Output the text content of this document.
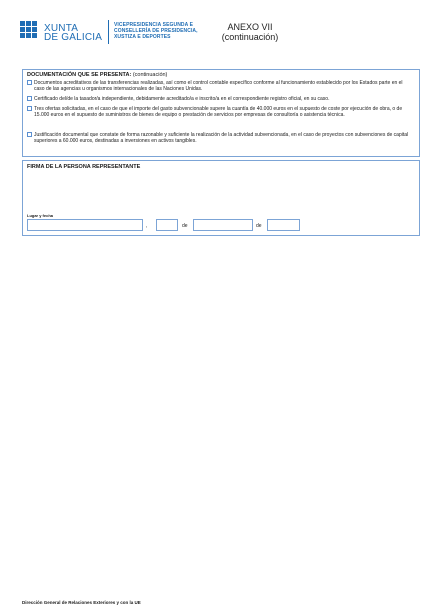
XUNTA
DE GALICIA
VICEPRESIDENCIA SEGUNDA E
CONSELLERÍA DE PRESIDENCIA,
XUSTIZA E DEPORTES
ANEXO VII
(continuación)
DOCUMENTACIÓN QUE SE PRESENTA: (continuación)
Documentos acreditativos de las transferencias realizadas, así como el control contable específico conforme al funcionamiento establecido por los Estados parte en el caso de las agencias u organismos internacionales de las Naciones Unidas.
Certificado del/de la tasador/a independiente, debidamente acreditado/a e inscrito/a en el correspondiente registro oficial, en su caso.
Tres ofertas solicitadas, en el caso de que el importe del gasto subvencionable supere la cuantía de 40.000 euros en el supuesto de coste por ejecución de obra, o de 15.000 euros en el supuesto de suministros de bienes de equipo o prestación de servicios por empresas de consultoría o asistencia técnica.
Justificación documental que constate de forma razonable y suficiente la realización de la actividad subvencionada, en el caso de proyectos con subvenciones de capital superiores a 60.000 euros, destinadas a inversiones en activos tangibles.
FIRMA DE LA PERSONA REPRESENTANTE
Lugar y fecha
,	de	de
Dirección General de Relaciones Exteriores y con la UE
